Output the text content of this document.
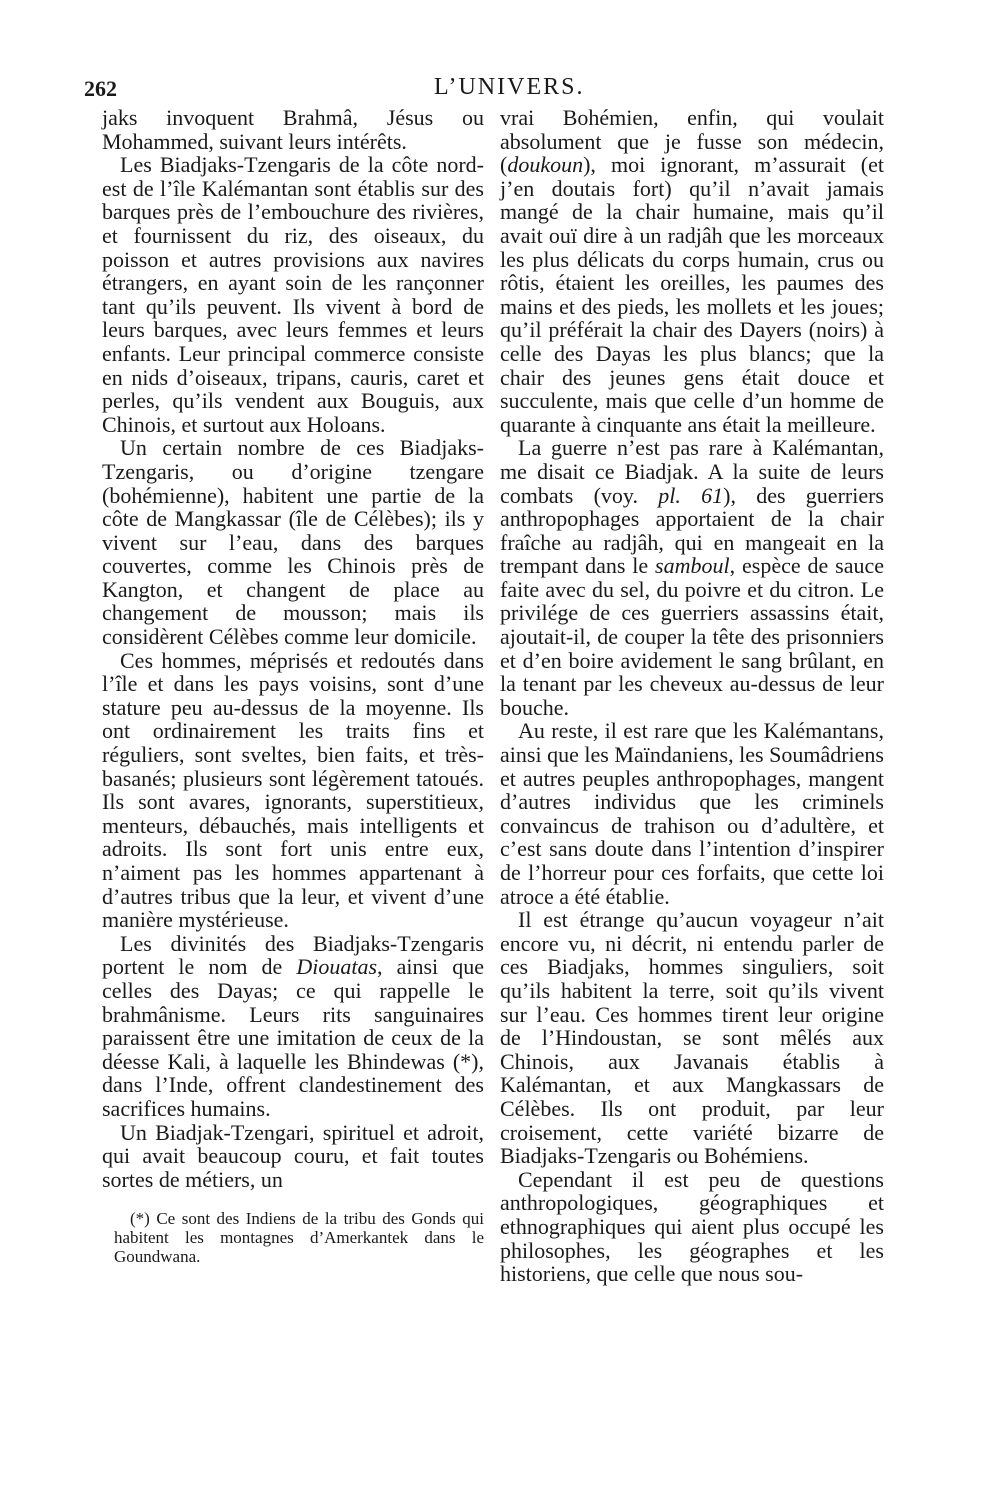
262	L’UNIVERS.

jaks invoquent Brahmâ, Jésus ou Mohammed, suivant leurs intérêts.

Les Biadjaks-Tzengaris de la côte nord-est de l’île Kalémantan sont établis sur des barques près de l’embouchure des rivières, et fournissent du riz, des oiseaux, du poisson et autres provisions aux navires étrangers, en ayant soin de les rançonner tant qu’ils peuvent. Ils vivent à bord de leurs barques, avec leurs femmes et leurs enfants. Leur principal commerce consiste en nids d’oiseaux, tripans, cauris, caret et perles, qu’ils vendent aux Bouguis, aux Chinois, et surtout aux Holoans.

Un certain nombre de ces Biadjaks-Tzengaris, ou d’origine tzengare (bohémienne), habitent une partie de la côte de Mangkassar (île de Célèbes); ils y vivent sur l’eau, dans des barques couvertes, comme les Chinois près de Kangton, et changent de place au changement de mousson; mais ils considèrent Célèbes comme leur domicile.

Ces hommes, méprisés et redoutés dans l’île et dans les pays voisins, sont d’une stature peu au-dessus de la moyenne. Ils ont ordinairement les traits fins et réguliers, sont sveltes, bien faits, et très-basanés; plusieurs sont légèrement tatoués. Ils sont avares, ignorants, superstitieux, menteurs, débauchés, mais intelligents et adroits. Ils sont fort unis entre eux, n’aiment pas les hommes appartenant à d’autres tribus que la leur, et vivent d’une manière mystérieuse.

Les divinités des Biadjaks-Tzengaris portent le nom de Diouatas, ainsi que celles des Dayas; ce qui rappelle le brahmânisme. Leurs rits sanguinaires paraissent être une imitation de ceux de la déesse Kali, à laquelle les Bhindewas (*), dans l’Inde, offrent clandestinement des sacrifices humains.

Un Biadjak-Tzengari, spirituel et adroit, qui avait beaucoup couru, et fait toutes sortes de métiers, un

(*) Ce sont des Indiens de la tribu des Gonds qui habitent les montagnes d’Amerkantek dans le Goundwana.

vrai Bohémien, enfin, qui voulait absolument que je fusse son médecin, (doukoun), moi ignorant, m’assurait (et j’en doutais fort) qu’il n’avait jamais mangé de la chair humaine, mais qu’il avait ouï dire à un radjâh que les morceaux les plus délicats du corps humain, crus ou rôtis, étaient les oreilles, les paumes des mains et des pieds, les mollets et les joues; qu’il préférait la chair des Dayers (noirs) à celle des Dayas les plus blancs; que la chair des jeunes gens était douce et succulente, mais que celle d’un homme de quarante à cinquante ans était la meilleure.

La guerre n’est pas rare à Kalémantan, me disait ce Biadjak. A la suite de leurs combats (voy. pl. 61), des guerriers anthropophages apportaient de la chair fraîche au radjâh, qui en mangeait en la trempant dans le samboul, espèce de sauce faite avec du sel, du poivre et du citron. Le privilége de ces guerriers assassins était, ajoutait-il, de couper la tête des prisonniers et d’en boire avidement le sang brûlant, en la tenant par les cheveux au-dessus de leur bouche.

Au reste, il est rare que les Kalémantans, ainsi que les Maïndaniens, les Soumâdriens et autres peuples anthropophages, mangent d’autres individus que les criminels convaincus de trahison ou d’adultère, et c’est sans doute dans l’intention d’inspirer de l’horreur pour ces forfaits, que cette loi atroce a été établie.

Il est étrange qu’aucun voyageur n’ait encore vu, ni décrit, ni entendu parler de ces Biadjaks, hommes singuliers, soit qu’ils habitent la terre, soit qu’ils vivent sur l’eau. Ces hommes tirent leur origine de l’Hindoustan, se sont mêlés aux Chinois, aux Javanais établis à Kalémantan, et aux Mangkassars de Célèbes. Ils ont produit, par leur croisement, cette variété bizarre de Biadjaks-Tzengaris ou Bohémiens.

Cependant il est peu de questions anthropologiques, géographiques et ethnographiques qui aient plus occupé les philosophes, les géographes et les historiens, que celle que nous sou-
